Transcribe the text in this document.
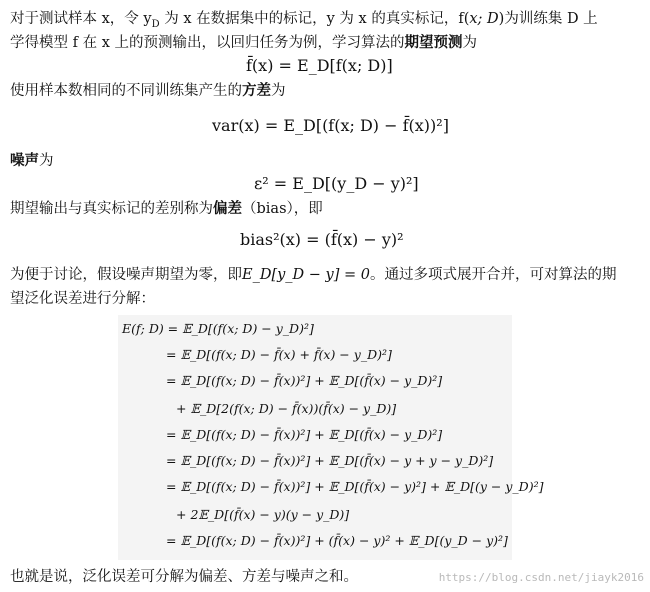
对于测试样本 x，令 $y_D$ 为 x 在数据集中的标记，y 为 x 的真实标记，f(x; D)为训练集 D 上
学得模型 f 在 x 上的预测输出，以回归任务为例，学习算法的期望预测为
f̄(x) = E_D[f(x; D)]
使用样本数相同的不同训练集产生的方差为
var(x) = E_D[(f(x; D) − f̄(x))²]
噪声为
ε² = E_D[(y_D − y)²]
期望输出与真实标记的差别称为偏差（bias），即
bias²(x) = (f̄(x) − y)²
为便于讨论，假设噪声期望为零，即E_D[y_D − y] = 0。通过多项式展开合并，可对算法的期
望泛化误差进行分解：
E(f; D) = 𝔼_D[(f(x; D) − y_D)²]
= 𝔼_D[(f(x; D) − f̄(x) + f̄(x) − y_D)²]
= 𝔼_D[(f(x; D) − f̄(x))²] + 𝔼_D[(f̄(x) − y_D)²]
+ 𝔼_D[2(f(x; D) − f̄(x))(f̄(x) − y_D)]
= 𝔼_D[(f(x; D) − f̄(x))²] + 𝔼_D[(f̄(x) − y_D)²]
= 𝔼_D[(f(x; D) − f̄(x))²] + 𝔼_D[(f̄(x) − y + y − y_D)²]
= 𝔼_D[(f(x; D) − f̄(x))²] + 𝔼_D[(f̄(x) − y)²] + 𝔼_D[(y − y_D)²]
+ 2𝔼_D[(f̄(x) − y)(y − y_D)]
= 𝔼_D[(f(x; D) − f̄(x))²] + (f̄(x) − y)² + 𝔼_D[(y_D − y)²]
也就是说，泛化误差可分解为偏差、方差与噪声之和。	https://blog.csdn.net/jiayk2016
